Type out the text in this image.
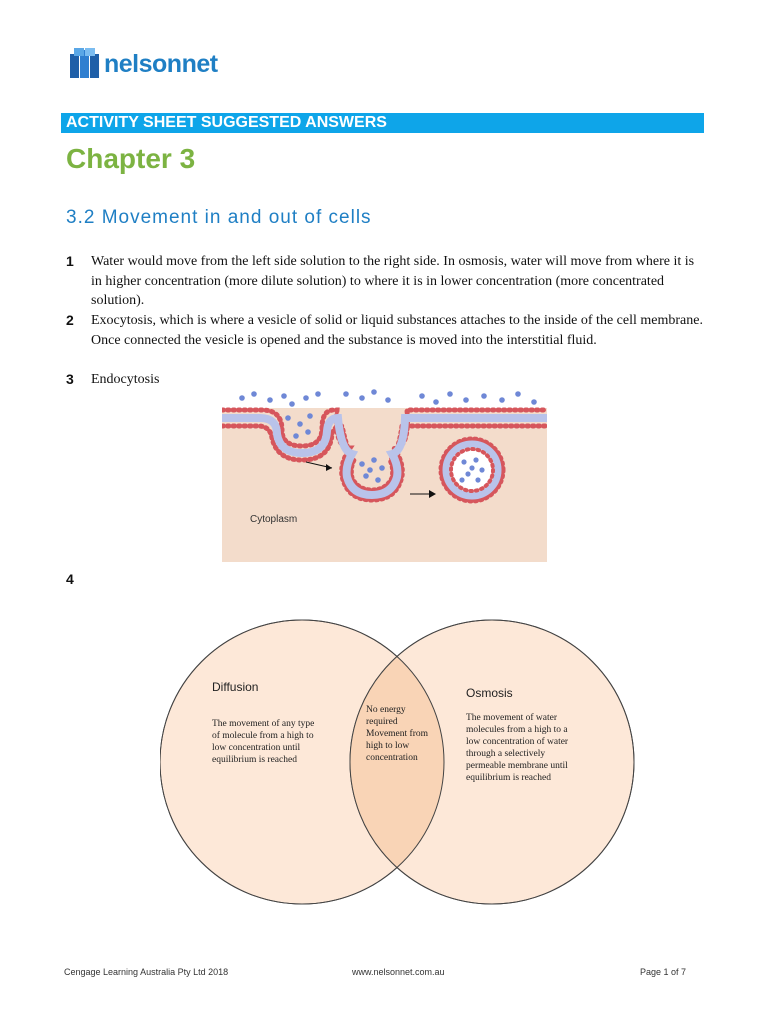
nelsonnet
ACTIVITY SHEET SUGGESTED ANSWERS
Chapter 3
3.2 Movement in and out of cells
1 Water would move from the left side solution to the right side. In osmosis, water will move from where it is in higher concentration (more dilute solution) to where it is in lower concentration (more concentrated solution).
2 Exocytosis, which is where a vesicle of solid or liquid substances attaches to the inside of the cell membrane. Once connected the vesicle is opened and the substance is moved into the interstitial fluid.
3 Endocytosis
4
Cytoplasm
Diffusion
The movement of any type of molecule from a high to low concentration until equilibrium is reached
Osmosis
The movement of water molecules from a high to a low concentration of water through a selectively permeable membrane until equilibrium is reached
No energy required Movement from high to low concentration
Cengage Learning Australia Pty Ltd 2018	www.nelsonnet.com.au	Page 1 of 7
